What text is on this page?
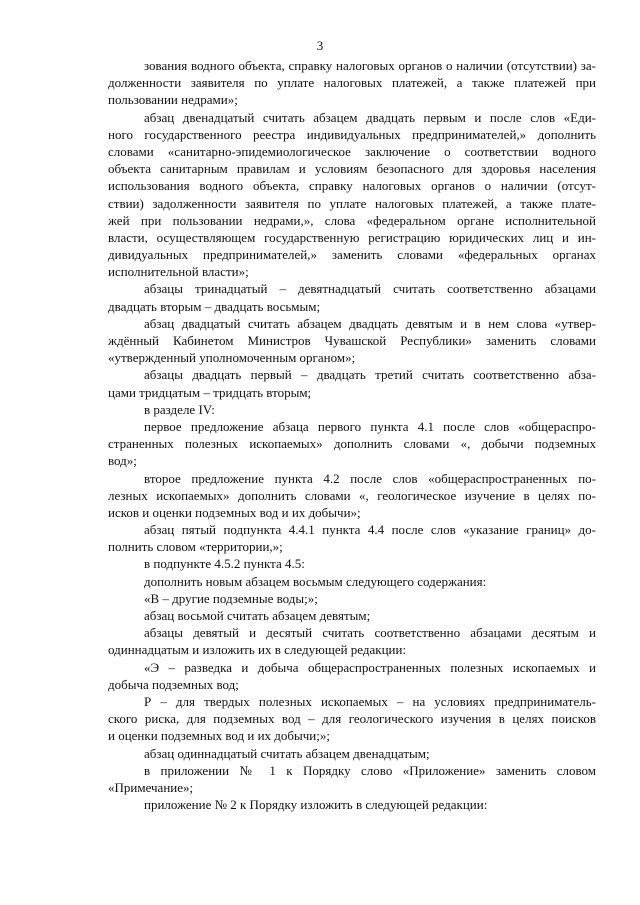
3
зования водного объекта, справку налоговых органов о наличии (отсутствии) за-
долженности заявителя по уплате налоговых платежей, а также платежей при
пользовании недрами»;
абзац двенадцатый считать абзацем двадцать первым и после слов «Еди-
ного государственного реестра индивидуальных предпринимателей,» дополнить
словами «санитарно-эпидемиологическое заключение о соответствии водного
объекта санитарным правилам и условиям безопасного для здоровья населения
использования водного объекта, справку налоговых органов о наличии (отсут-
ствии) задолженности заявителя по уплате налоговых платежей, а также плате-
жей при пользовании недрами,», слова «федеральном органе исполнительной
власти, осуществляющем государственную регистрацию юридических лиц и ин-
дивидуальных предпринимателей,» заменить словами «федеральных органах
исполнительной власти»;
абзацы тринадцатый – девятнадцатый считать соответственно абзацами
двадцать вторым – двадцать восьмым;
абзац двадцатый считать абзацем двадцать девятым и в нем слова «утвер-
ждённый Кабинетом Министров Чувашской Республики» заменить словами
«утвержденный уполномоченным органом»;
абзацы двадцать первый – двадцать третий считать соответственно абза-
цами тридцатым – тридцать вторым;
в разделе IV:
первое предложение абзаца первого пункта 4.1 после слов «общераспро-
страненных полезных ископаемых» дополнить словами «, добычи подземных
вод»;
второе предложение пункта 4.2 после слов «общераспространенных по-
лезных ископаемых» дополнить словами «, геологическое изучение в целях по-
исков и оценки подземных вод и их добычи»;
абзац пятый подпункта 4.4.1 пункта 4.4 после слов «указание границ» до-
полнить словом «территории,»;
в подпункте 4.5.2 пункта 4.5:
дополнить новым абзацем восьмым следующего содержания:
«В – другие подземные воды;»;
абзац восьмой считать абзацем девятым;
абзацы девятый и десятый считать соответственно абзацами десятым и
одиннадцатым и изложить их в следующей редакции:
«Э – разведка и добыча общераспространенных полезных ископаемых и
добыча подземных вод;
Р – для твердых полезных ископаемых – на условиях предприниматель-
ского риска, для подземных вод – для геологического изучения в целях поисков
и оценки подземных вод и их добычи;»;
абзац одиннадцатый считать абзацем двенадцатым;
в приложении № 1 к Порядку слово «Приложение» заменить словом
«Примечание»;
приложение № 2 к Порядку изложить в следующей редакции:
